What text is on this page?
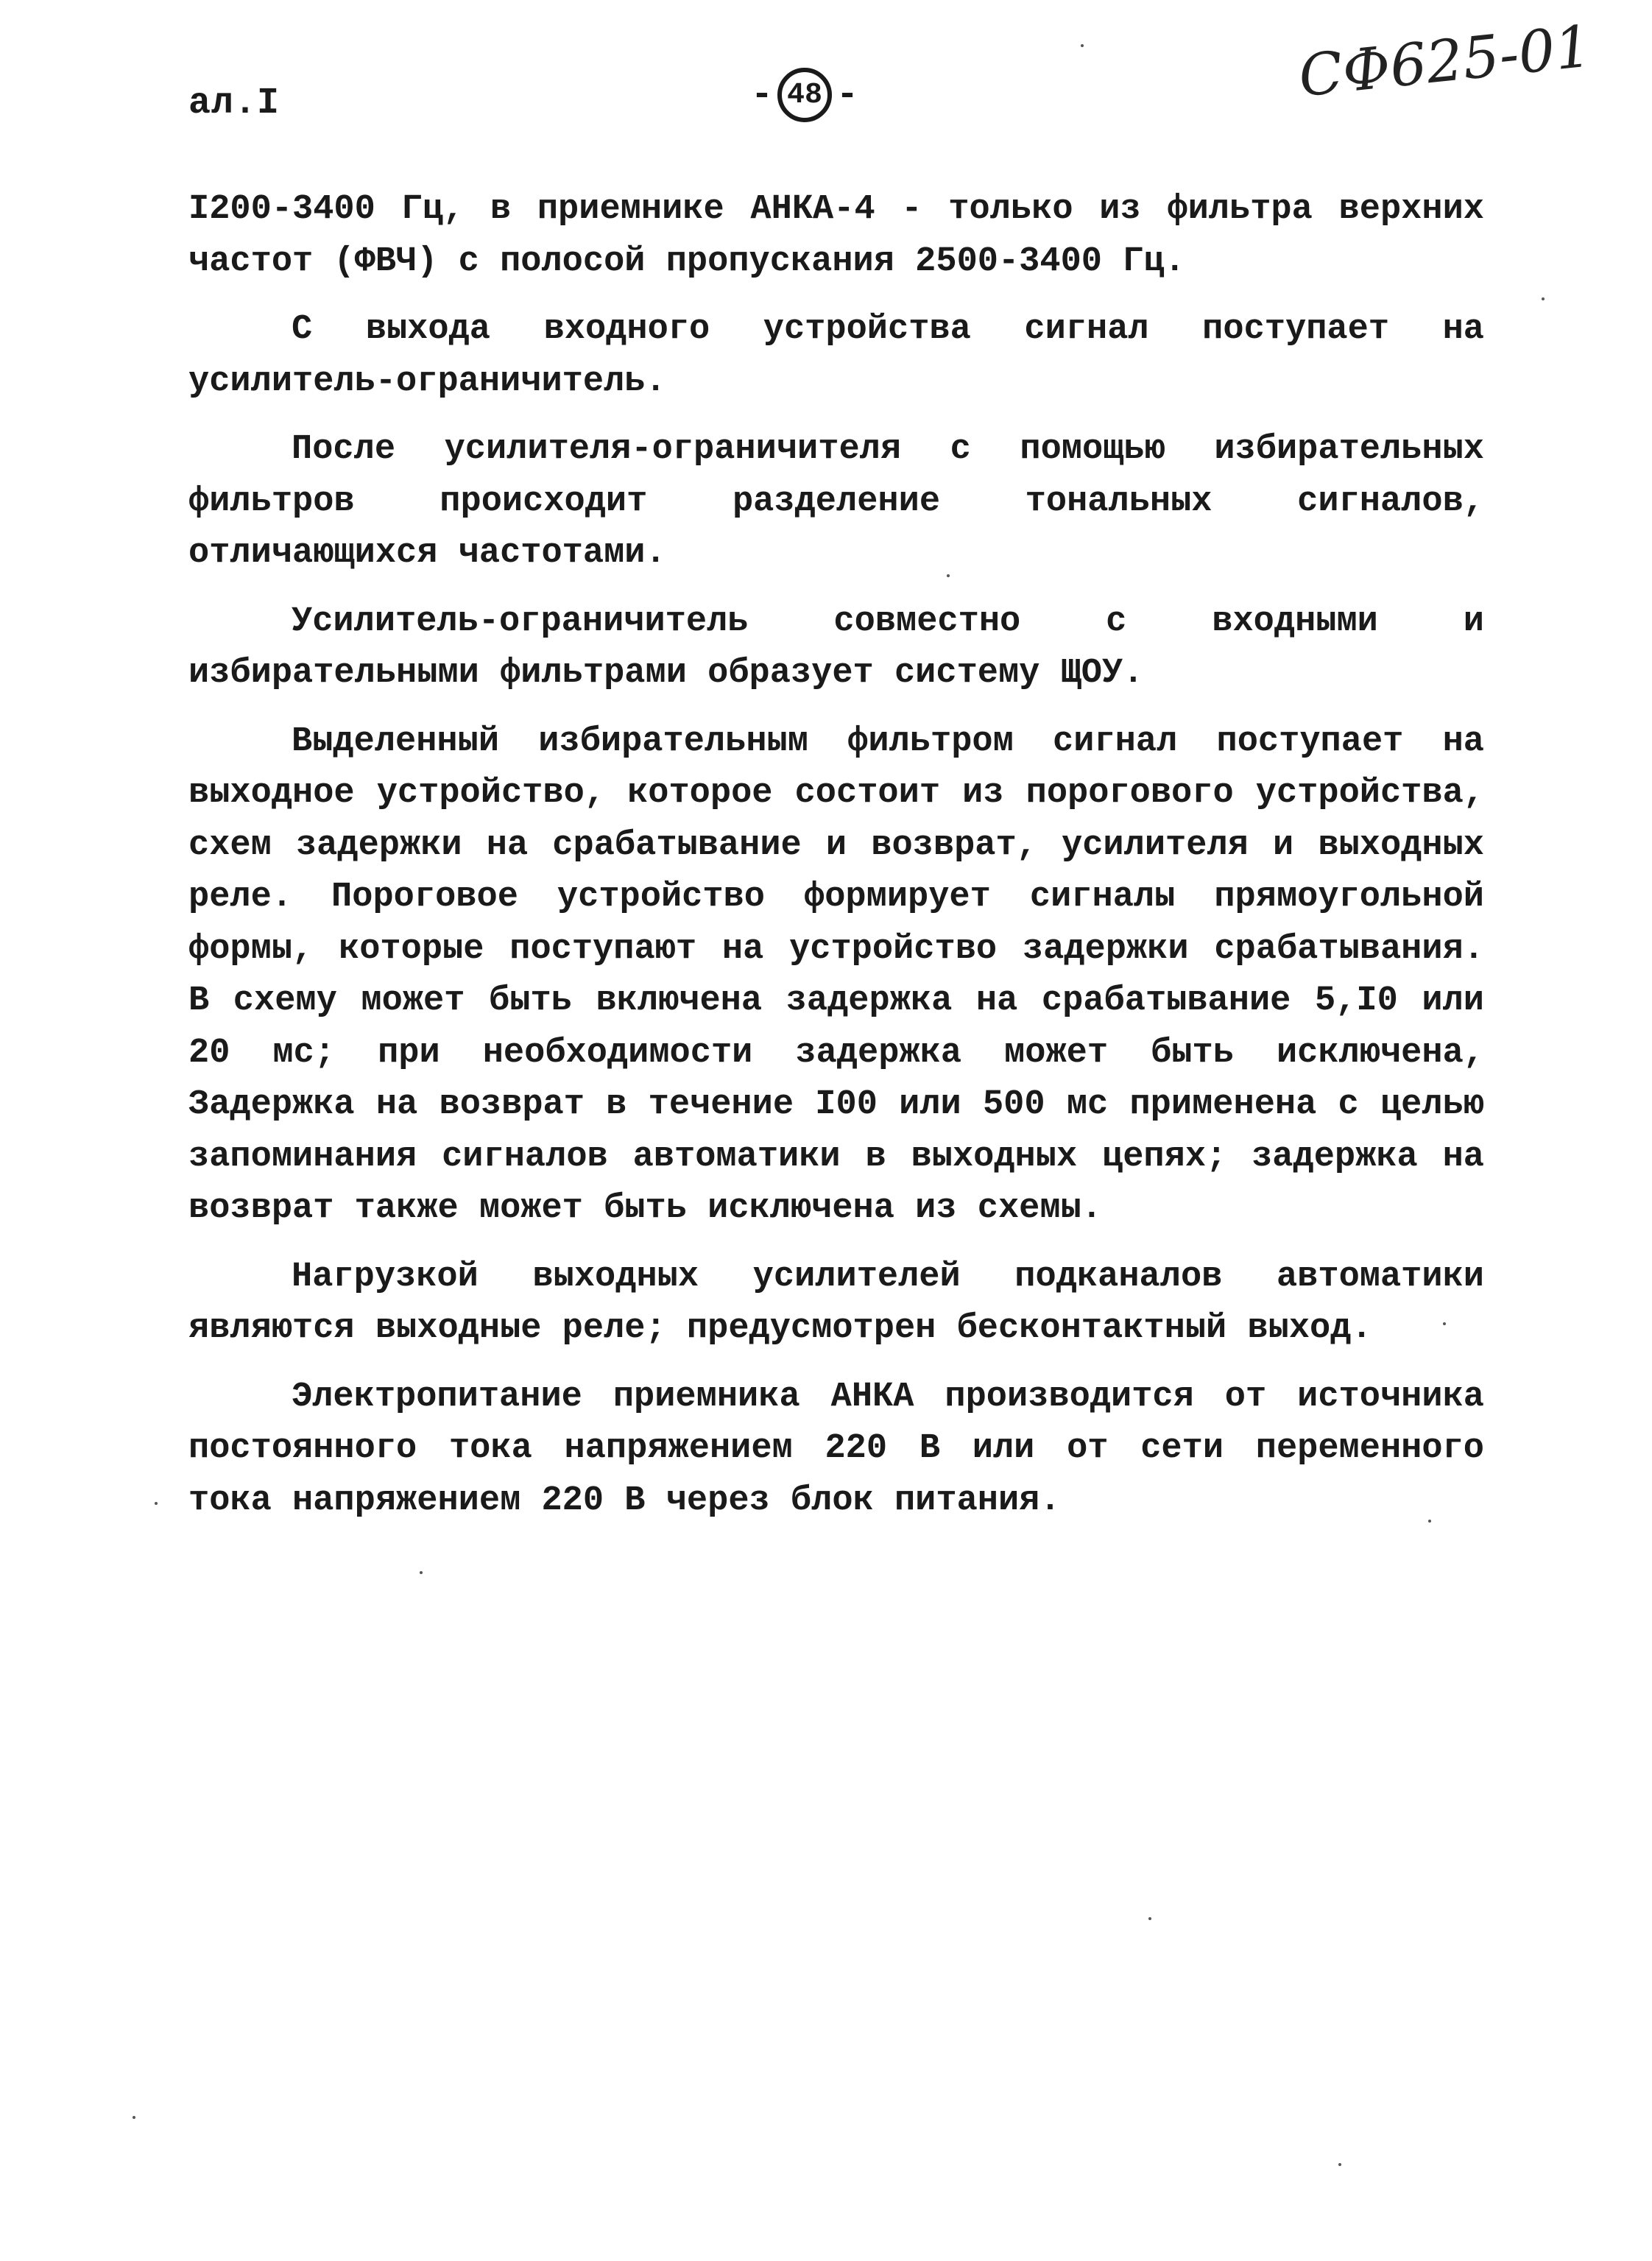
ал.I	- 48 -	СФ625-01

I200-3400 Гц, в приемнике АНКА-4 - только из фильтра верхних частот (ФВЧ) с полосой пропускания 2500-3400 Гц.

С выхода входного устройства сигнал поступает на усилитель-ограничитель.

После усилителя-ограничителя с помощью избирательных фильтров происходит разделение тональных сигналов, отличающихся частотами.

Усилитель-ограничитель совместно с входными и избирательными фильтрами образует систему ЩОУ.

Выделенный избирательным фильтром сигнал поступает на выходное устройство, которое состоит из порогового устройства, схем задержки на срабатывание и возврат, усилителя и выходных реле. Пороговое устройство формирует сигналы прямоугольной формы, которые поступают на устройство задержки срабатывания. В схему может быть включена задержка на срабатывание 5,I0 или 20 мс; при необходимости задержка может быть исключена, Задержка на возврат в течение I00 или 500 мс применена с целью запоминания сигналов автоматики в выходных цепях; задержка на возврат также может быть исключена из схемы.

Нагрузкой выходных усилителей подканалов автоматики являются выходные реле; предусмотрен бесконтактный выход.

Электропитание приемника АНКА производится от источника постоянного тока напряжением 220 В или от сети переменного тока напряжением 220 В через блок питания.
